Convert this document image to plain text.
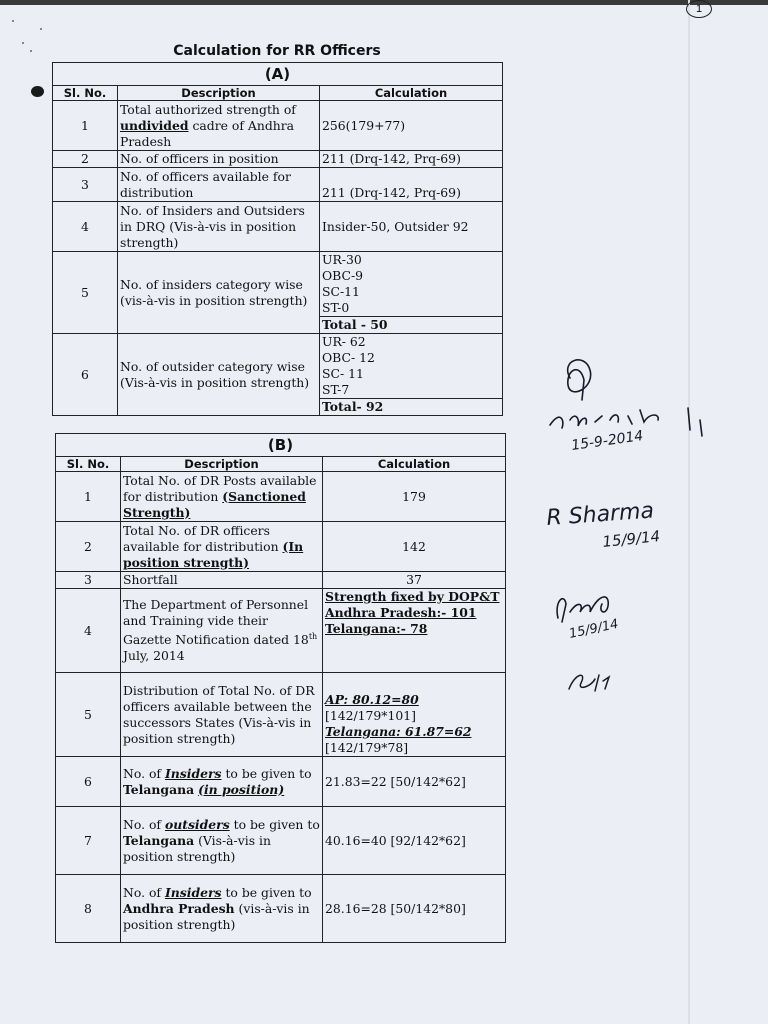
1
Calculation for RR Officers
(A)		
Sl. No.	Description	Calculation
1	Total authorized strength of undivided cadre of Andhra Pradesh	256(179+77)
2	No. of officers in position	211 (Drq-142, Prq-69)
3	No. of officers available for distribution	211 (Drq-142, Prq-69)
4	No. of Insiders and Outsiders in DRQ (Vis-à-vis in position strength)	Insider-50, Outsider 92
5	No. of insiders category wise (vis-à-vis in position strength)	UR-30
OBC-9
SC-11
ST-0
Total - 50

6	No. of outsider category wise (Vis-à-vis in position strength)	UR- 62
OBC- 12
SC- 11
ST-7
Total- 92
(B)		
Sl. No.	Description	Calculation
1	Total No. of DR Posts available for distribution (Sanctioned Strength)	179
2	Total No. of DR officers available for distribution (In position strength)	142
3	Shortfall	37
4	The Department of Personnel and Training vide their Gazette Notification dated 18th July, 2014	Strength fixed by DOP&T Andhra Pradesh:- 101
Telangana:- 78

5	Distribution of Total No. of DR officers available between the successors States (Vis-à-vis in position strength)	AP: 80.12=80
[142/179*101]
Telangana: 61.87=62
[142/179*78]

6	No. of Insiders to be given to Telangana (in position)	21.83=22 [50/142*62]
7	No. of outsiders to be given to Telangana (Vis-à-vis in position strength)	40.16=40 [92/142*62]
8	No. of Insiders to be given to Andhra Pradesh (vis-à-vis in position strength)	28.16=28 [50/142*80]
15-9-2014
R Sharma
15/9/14
15/9/14
